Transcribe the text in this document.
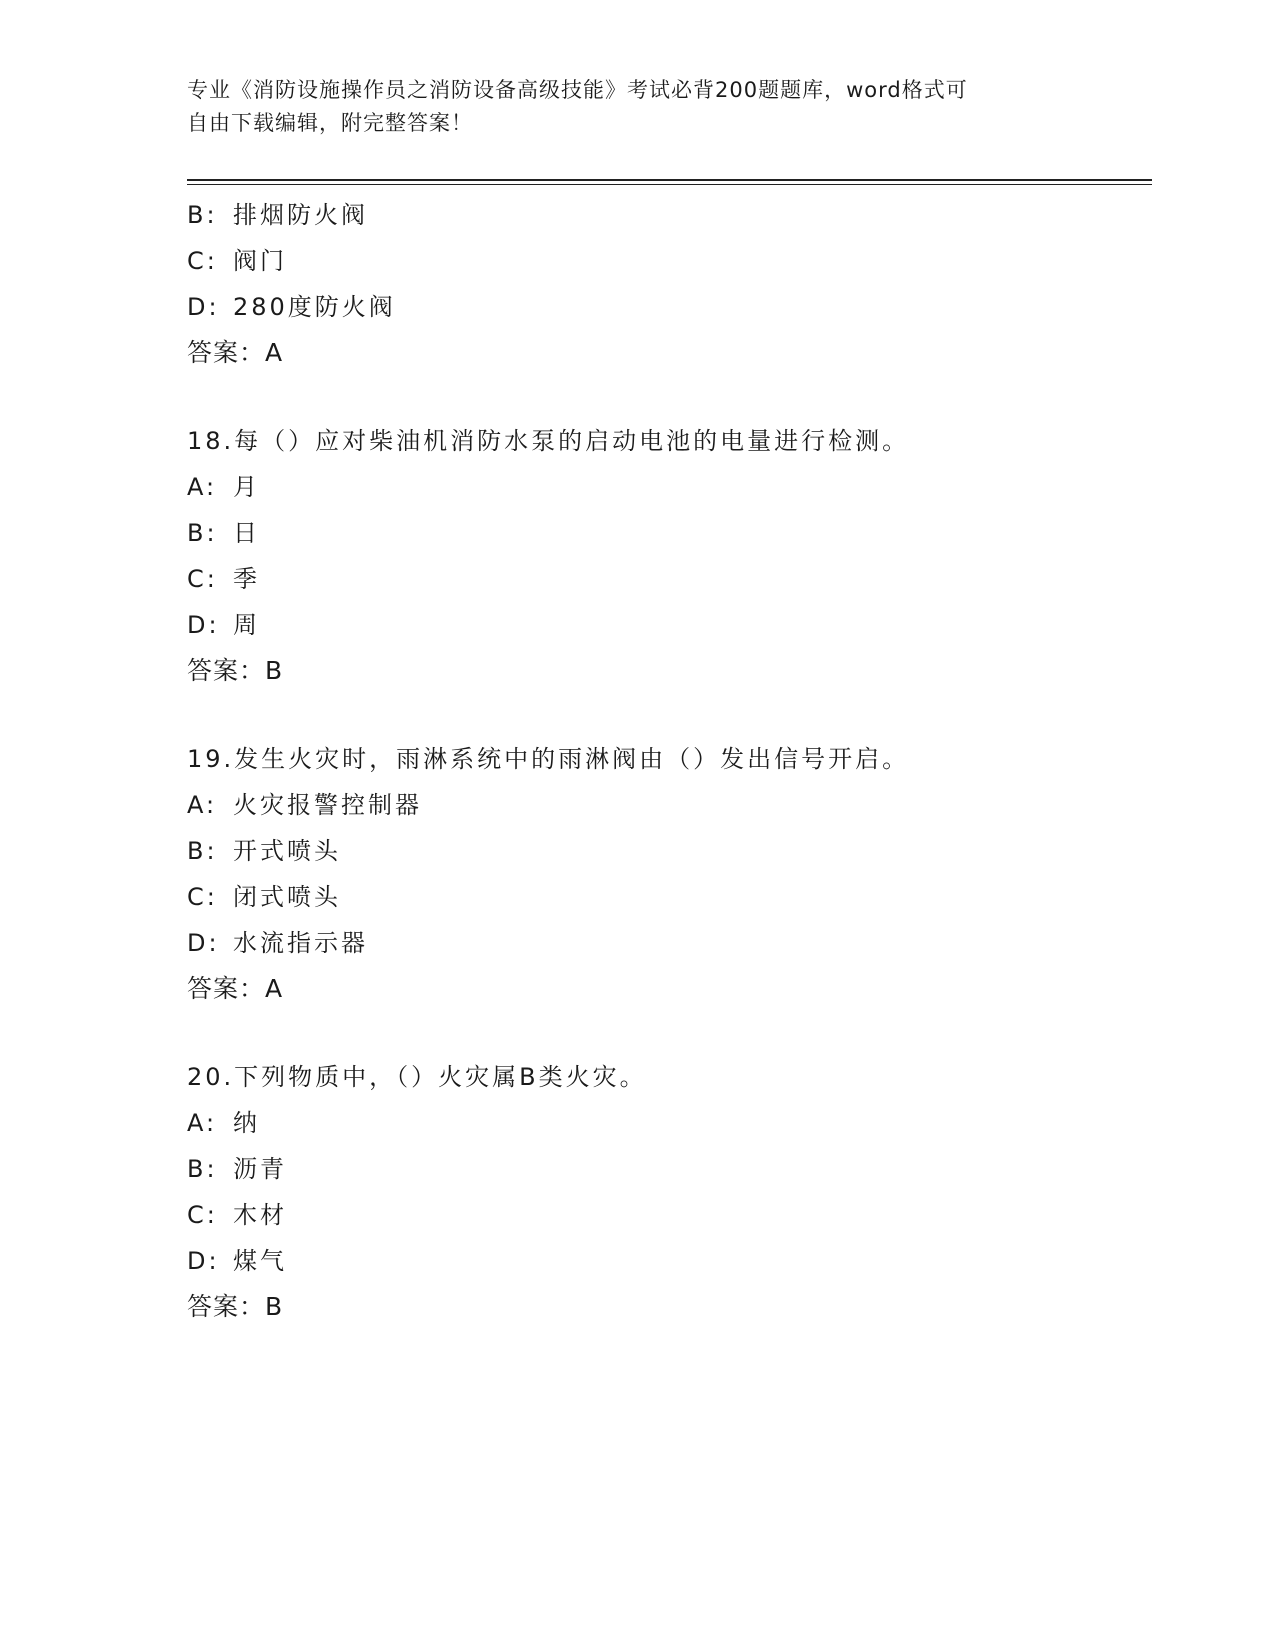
专业《消防设施操作员之消防设备高级技能》考试必背200题题库，word格式可
自由下载编辑，附完整答案！
B: 排烟防火阀
C: 阀门
D: 280度防火阀
答案：A
18.每（）应对柴油机消防水泵的启动电池的电量进行检测。
A: 月
B: 日
C: 季
D: 周
答案：B
19.发生火灾时，雨淋系统中的雨淋阀由（）发出信号开启。
A: 火灾报警控制器
B: 开式喷头
C: 闭式喷头
D: 水流指示器
答案：A
20.下列物质中，（）火灾属B类火灾。
A: 纳
B: 沥青
C: 木材
D: 煤气
答案：B
